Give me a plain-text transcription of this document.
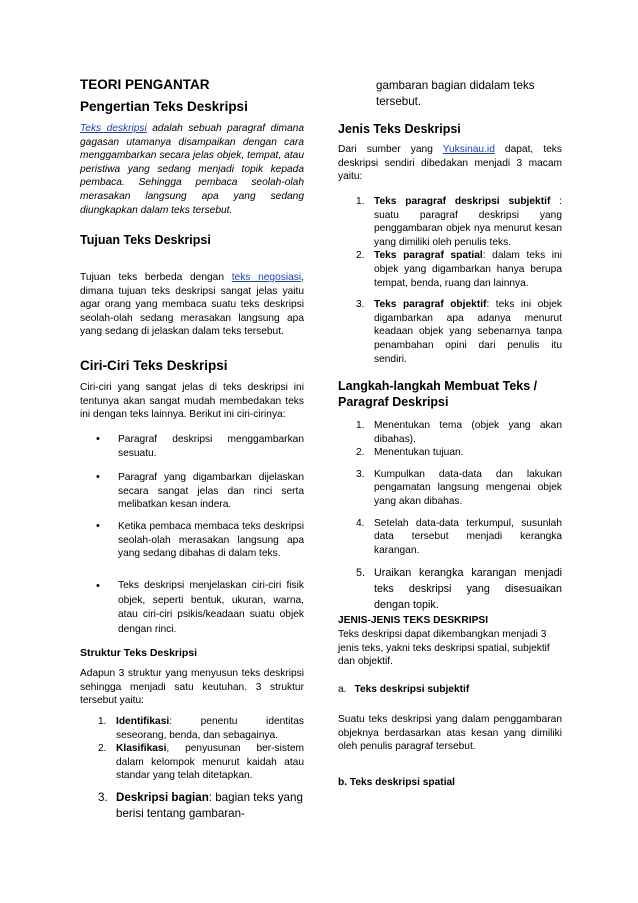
TEORI PENGANTAR
Pengertian Teks Deskripsi

Teks deskripsi adalah sebuah paragraf dimana gagasan utamanya disampaikan dengan cara menggambarkan secara jelas objek, tempat, atau peristiwa yang sedang menjadi topik kepada pembaca. Sehingga pembaca seolah-olah merasakan langsung apa yang sedang diungkapkan dalam teks tersebut.

Tujuan Teks Deskripsi

Tujuan teks berbeda dengan teks negosiasi, dimana tujuan teks deskripsi sangat jelas yaitu agar orang yang membaca suatu teks deskripsi seolah-olah sedang merasakan langsung apa yang sedang di jelaskan dalam teks tersebut.

Ciri-Ciri Teks Deskripsi

Ciri-ciri yang sangat jelas di teks deskripsi ini tentunya akan sangat mudah membedakan teks ini dengan teks lainnya. Berikut ini ciri-cirinya:

• Paragraf deskripsi menggambarkan sesuatu.
• Paragraf yang digambarkan dijelaskan secara sangat jelas dan rinci serta melibatkan kesan indera.
• Ketika pembaca membaca teks deskripsi seolah-olah merasakan langsung apa yang sedang dibahas di dalam teks.
• Teks deskripsi menjelaskan ciri-ciri fisik objek, seperti bentuk, ukuran, warna, atau ciri-ciri psikis/keadaan suatu objek dengan rinci.
Struktur Teks Deskripsi

Adapun 3 struktur yang menyusun teks deskripsi sehingga menjadi satu keutuhan. 3 struktur tersebut yaitu:

1. Identifikasi: penentu identitas seseorang, benda, dan sebagainya.
2. Klasifikasi, penyusunan ber-sistem dalam kelompok menurut kaidah atau standar yang telah ditetapkan.
3. Deskripsi bagian: bagian teks yang berisi tentang gambaran-

gambaran bagian didalam teks tersebut.

Jenis Teks Deskripsi

Dari sumber yang Yuksinau.id dapat, teks deskripsi sendiri dibedakan menjadi 3 macam yaitu:

1. Teks paragraf deskripsi subjektif : suatu paragraf deskripsi yang penggambaran objek nya menurut kesan yang dimiliki oleh penulis teks.
2. Teks paragraf spatial: dalam teks ini objek yang digambarkan hanya berupa tempat, benda, ruang dan lainnya.
3. Teks paragraf objektif: teks ini objek digambarkan apa adanya menurut keadaan objek yang sebenarnya tanpa penambahan opini dari penulis itu sendiri.
Langkah-langkah Membuat Teks / Paragraf Deskripsi
1. Menentukan tema (objek yang akan dibahas).
2. Menentukan tujuan.
3. Kumpulkan data-data dan lakukan pengamatan langsung mengenai objek yang akan dibahas.
4. Setelah data-data terkumpul, susunlah data tersebut menjadi kerangka karangan.
5. Uraikan kerangka karangan menjadi teks deskripsi yang disesuaikan dengan topik.
JENIS-JENIS TEKS DESKRIPSI

Teks deskripsi dapat dikembangkan menjadi 3 jenis teks, yakni teks deskripsi spatial, subjektif dan objektif.

a. Teks deskripsi subjektif

Suatu teks deskripsi yang dalam penggambaran objeknya berdasarkan atas kesan yang dimiliki oleh penulis paragraf tersebut.

b. Teks deskripsi spatial
